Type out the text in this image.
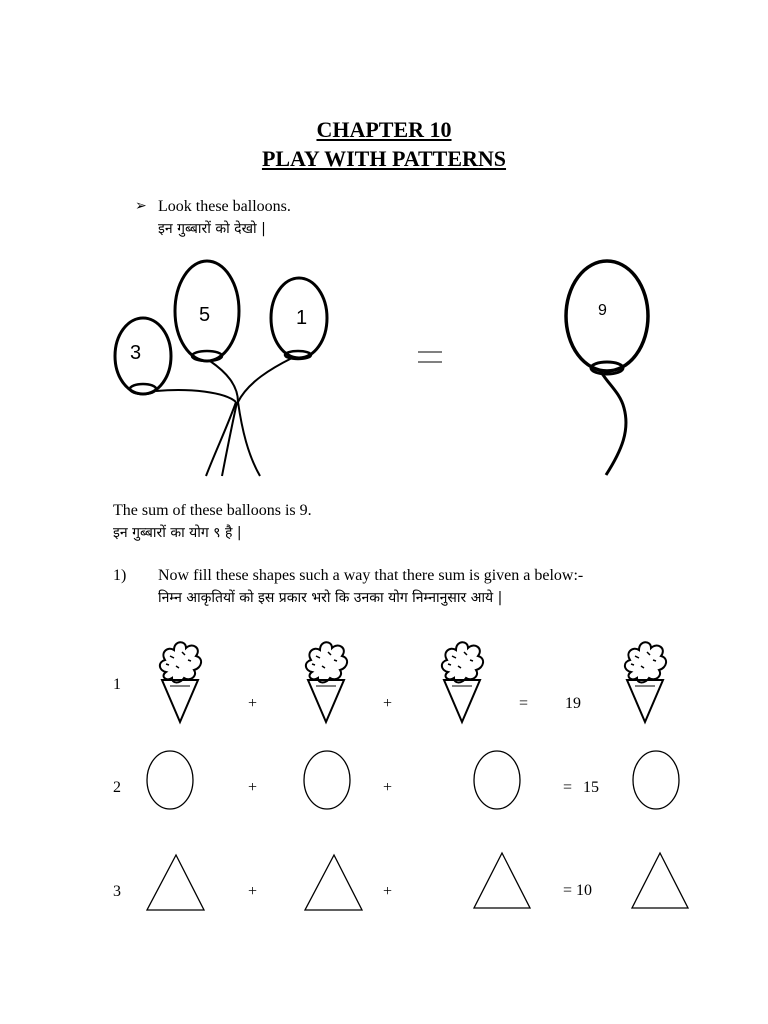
CHAPTER 10
PLAY WITH PATTERNS
➢ Look these balloons.
इन गुब्बारों को देखो |
3
5	1	9
The sum of these balloons is 9.
इन गुब्बारों का योग ९ है |
1) Now fill these shapes such a way that there sum is given a below:-
निम्न आकृतियों को इस प्रकार भरो कि उनका योग निम्नानुसार आये |
1
+	+	= 19
2	+	+	= 15
3	+	+	= 10
